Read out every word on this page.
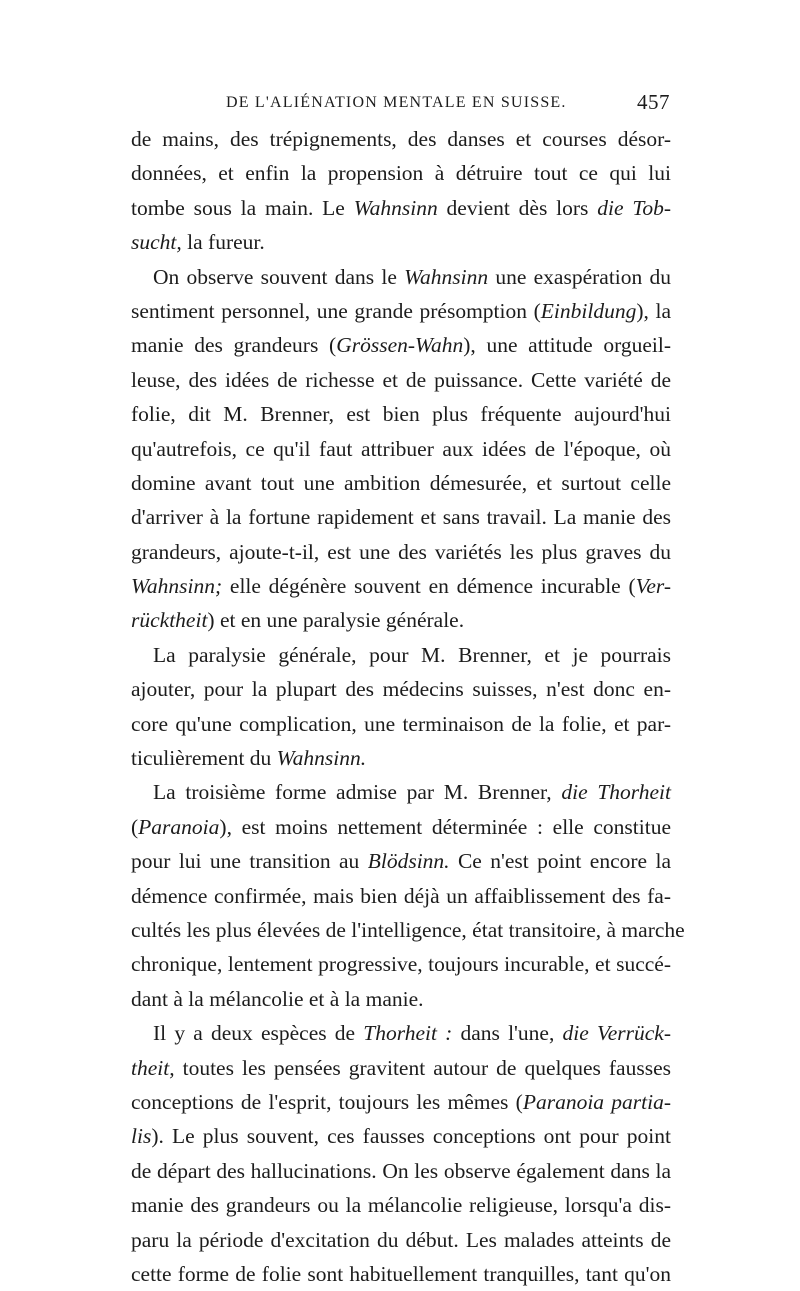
DE L'ALIÉNATION MENTALE EN SUISSE.	457
de mains, des trépignements, des danses et courses désor-
données, et enfin la propension à détruire tout ce qui lui
tombe sous la main. Le Wahnsinn devient dès lors die Tob-
sucht, la fureur.
On observe souvent dans le Wahnsinn une exaspération du
sentiment personnel, une grande présomption (Einbildung), la
manie des grandeurs (Grössen-Wahn), une attitude orgueil-
leuse, des idées de richesse et de puissance. Cette variété de
folie, dit M. Brenner, est bien plus fréquente aujourd'hui
qu'autrefois, ce qu'il faut attribuer aux idées de l'époque, où
domine avant tout une ambition démesurée, et surtout celle
d'arriver à la fortune rapidement et sans travail. La manie des
grandeurs, ajoute-t-il, est une des variétés les plus graves du
Wahnsinn; elle dégénère souvent en démence incurable (Ver-
rücktheit) et en une paralysie générale.
La paralysie générale, pour M. Brenner, et je pourrais
ajouter, pour la plupart des médecins suisses, n'est donc en-
core qu'une complication, une terminaison de la folie, et par-
ticulièrement du Wahnsinn.
La troisième forme admise par M. Brenner, die Thorheit
(Paranoia), est moins nettement déterminée : elle constitue
pour lui une transition au Blödsinn. Ce n'est point encore la
démence confirmée, mais bien déjà un affaiblissement des fa-
cultés les plus élevées de l'intelligence, état transitoire, à marche
chronique, lentement progressive, toujours incurable, et succé-
dant à la mélancolie et à la manie.
Il y a deux espèces de Thorheit : dans l'une, die Verrück-
theit, toutes les pensées gravitent autour de quelques fausses
conceptions de l'esprit, toujours les mêmes (Paranoia partia-
lis). Le plus souvent, ces fausses conceptions ont pour point
de départ des hallucinations. On les observe également dans la
manie des grandeurs ou la mélancolie religieuse, lorsqu'a dis-
paru la période d'excitation du début. Les malades atteints de
cette forme de folie sont habituellement tranquilles, tant qu'on
